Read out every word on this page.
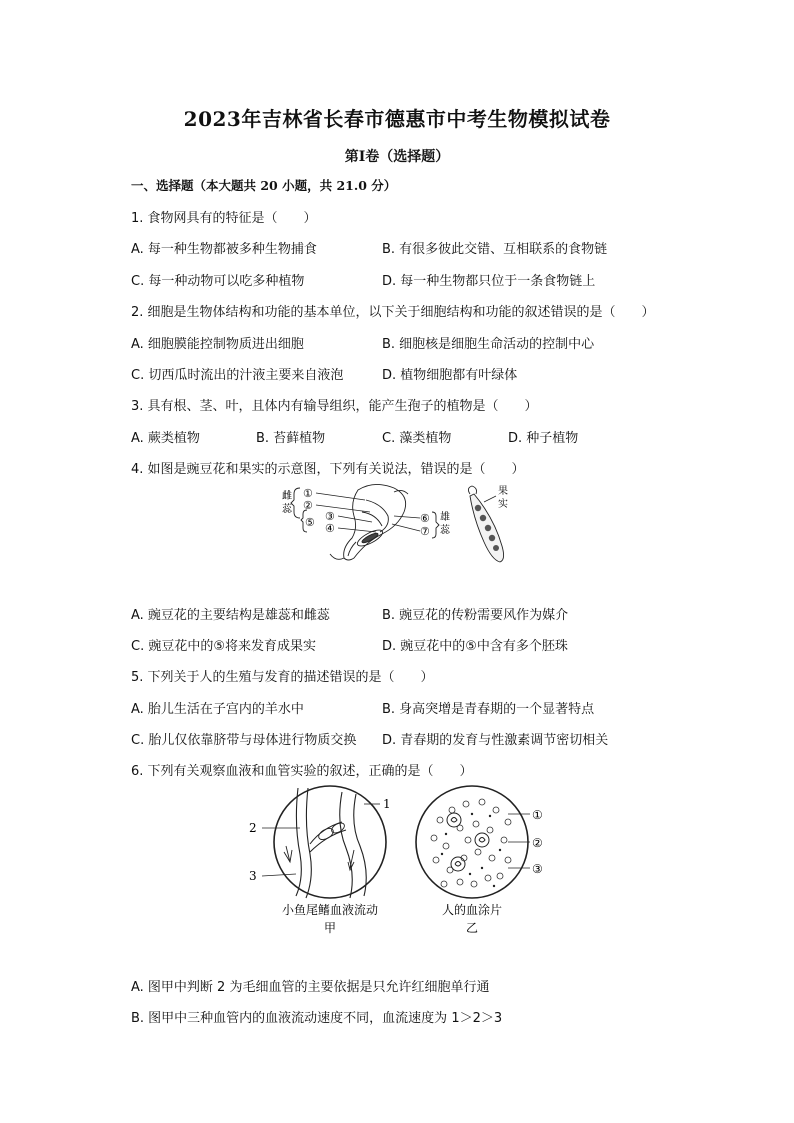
2023年吉林省长春市德惠市中考生物模拟试卷
第Ⅰ卷（选择题）
一、选择题（本大题共 20 小题，共 21.0 分）
1. 食物网具有的特征是（　　）
A. 每一种生物都被多种生物捕食	B. 有很多彼此交错、互相联系的食物链
C. 每一种动物可以吃多种植物	D. 每一种生物都只位于一条食物链上
2. 细胞是生物体结构和功能的基本单位，以下关于细胞结构和功能的叙述错误的是（　　）
A. 细胞膜能控制物质进出细胞	B. 细胞核是细胞生命活动的控制中心
C. 切西瓜时流出的汁液主要来自液泡	D. 植物细胞都有叶绿体
3. 具有根、茎、叶，且体内有输导组织，能产生孢子的植物是（　　）
A. 蕨类植物	B. 苔藓植物	C. 藻类植物	D. 种子植物
4. 如图是豌豆花和果实的示意图，下列有关说法，错误的是（　　）
雌
蕊
①
②
③
④
⑤	⑥
⑦
雄
蕊
果
实
A. 豌豆花的主要结构是雄蕊和雌蕊	B. 豌豆花的传粉需要风作为媒介
C. 豌豆花中的⑤将来发育成果实	D. 豌豆花中的⑤中含有多个胚珠
5. 下列关于人的生殖与发育的描述错误的是（　　）
A. 胎儿生活在子宫内的羊水中	B. 身高突增是青春期的一个显著特点
C. 胎儿仅依靠脐带与母体进行物质交换 D. 青春期的发育与性激素调节密切相关
6. 下列有关观察血液和血管实验的叙述，正确的是（　　）
1
2
3
①
②
③
小鱼尾鳍血液流动
甲
人的血涂片
乙
A. 图甲中判断 2 为毛细血管的主要依据是只允许红细胞单行通
B. 图甲中三种血管内的血液流动速度不同，血流速度为 1＞2＞3
